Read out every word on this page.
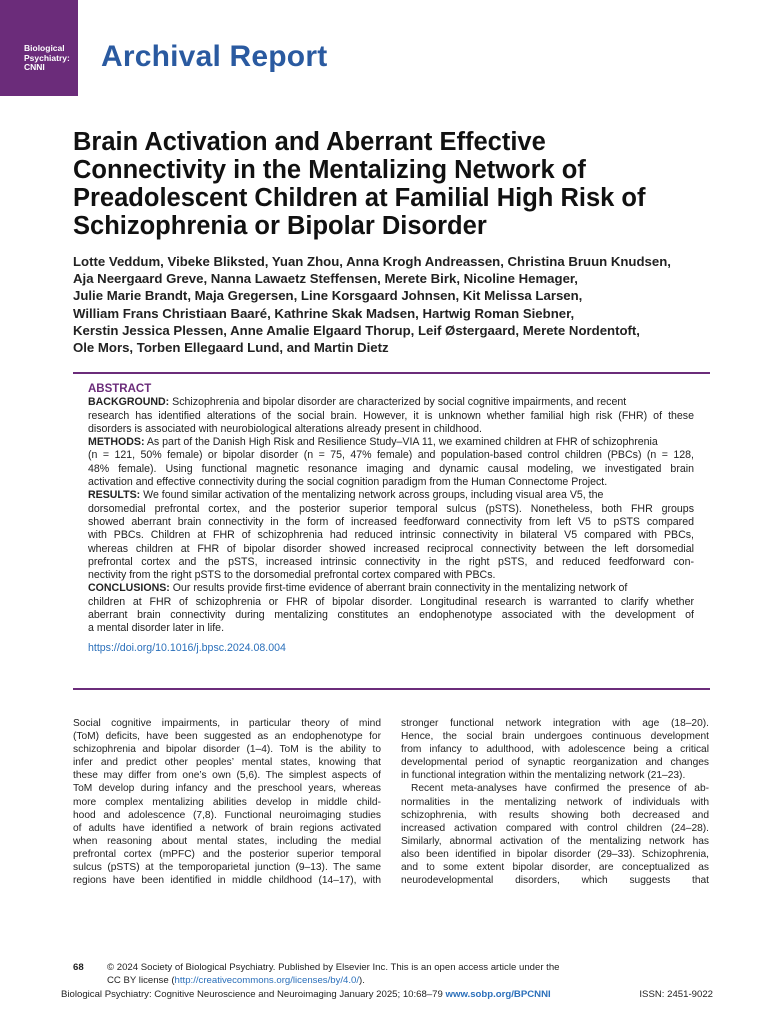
Biological
Psychiatry:
CNNI	Archival Report
Brain Activation and Aberrant Effective
Connectivity in the Mentalizing Network of
Preadolescent Children at Familial High Risk of
Schizophrenia or Bipolar Disorder
Lotte Veddum, Vibeke Bliksted, Yuan Zhou, Anna Krogh Andreassen, Christina Bruun Knudsen,
Aja Neergaard Greve, Nanna Lawaetz Steffensen, Merete Birk, Nicoline Hemager,
Julie Marie Brandt, Maja Gregersen, Line Korsgaard Johnsen, Kit Melissa Larsen,
William Frans Christiaan Baaré, Kathrine Skak Madsen, Hartwig Roman Siebner,
Kerstin Jessica Plessen, Anne Amalie Elgaard Thorup, Leif Østergaard, Merete Nordentoft,
Ole Mors, Torben Ellegaard Lund, and Martin Dietz
ABSTRACT
BACKGROUND: Schizophrenia and bipolar disorder are characterized by social cognitive impairments, and recent
research has identified alterations of the social brain. However, it is unknown whether familial high risk (FHR) of these
disorders is associated with neurobiological alterations already present in childhood.
METHODS: As part of the Danish High Risk and Resilience Study–VIA 11, we examined children at FHR of schizophrenia
(n = 121, 50% female) or bipolar disorder (n = 75, 47% female) and population-based control children (PBCs) (n = 128,
48% female). Using functional magnetic resonance imaging and dynamic causal modeling, we investigated brain
activation and effective connectivity during the social cognition paradigm from the Human Connectome Project.
RESULTS: We found similar activation of the mentalizing network across groups, including visual area V5, the
dorsomedial prefrontal cortex, and the posterior superior temporal sulcus (pSTS). Nonetheless, both FHR groups
showed aberrant brain connectivity in the form of increased feedforward connectivity from left V5 to pSTS compared
with PBCs. Children at FHR of schizophrenia had reduced intrinsic connectivity in bilateral V5 compared with PBCs,
whereas children at FHR of bipolar disorder showed increased reciprocal connectivity between the left dorsomedial
prefrontal cortex and the pSTS, increased intrinsic connectivity in the right pSTS, and reduced feedforward con-
nectivity from the right pSTS to the dorsomedial prefrontal cortex compared with PBCs.
CONCLUSIONS: Our results provide first-time evidence of aberrant brain connectivity in the mentalizing network of
children at FHR of schizophrenia or FHR of bipolar disorder. Longitudinal research is warranted to clarify whether
aberrant brain connectivity during mentalizing constitutes an endophenotype associated with the development of
a mental disorder later in life.
https://doi.org/10.1016/j.bpsc.2024.08.004
Social cognitive impairments, in particular theory of mind
(ToM) deficits, have been suggested as an endophenotype for
schizophrenia and bipolar disorder (1–4). ToM is the ability to
infer and predict other peoples’ mental states, knowing that
these may differ from one’s own (5,6). The simplest aspects of
ToM develop during infancy and the preschool years, whereas
more complex mentalizing abilities develop in middle child-
hood and adolescence (7,8). Functional neuroimaging studies
of adults have identified a network of brain regions activated
when reasoning about mental states, including the medial
prefrontal cortex (mPFC) and the posterior superior temporal
sulcus (pSTS) at the temporoparietal junction (9–13). The same
regions have been identified in middle childhood (14–17), with
stronger functional network integration with age (18–20).
Hence, the social brain undergoes continuous development
from infancy to adulthood, with adolescence being a critical
developmental period of synaptic reorganization and changes
in functional integration within the mentalizing network (21–23).
Recent meta-analyses have confirmed the presence of ab-
normalities in the mentalizing network of individuals with
schizophrenia, with results showing both decreased and
increased activation compared with control children (24–28).
Similarly, abnormal activation of the mentalizing network has
also been identified in bipolar disorder (29–33). Schizophrenia,
and to some extent bipolar disorder, are conceptualized as
neurodevelopmental disorders, which suggests that
68 © 2024 Society of Biological Psychiatry. Published by Elsevier Inc. This is an open access article under the
CC BY license (http://creativecommons.org/licenses/by/4.0/).
Biological Psychiatry: Cognitive Neuroscience and Neuroimaging January 2025; 10:68–79 www.sobp.org/BPCNNI	ISSN: 2451-9022
